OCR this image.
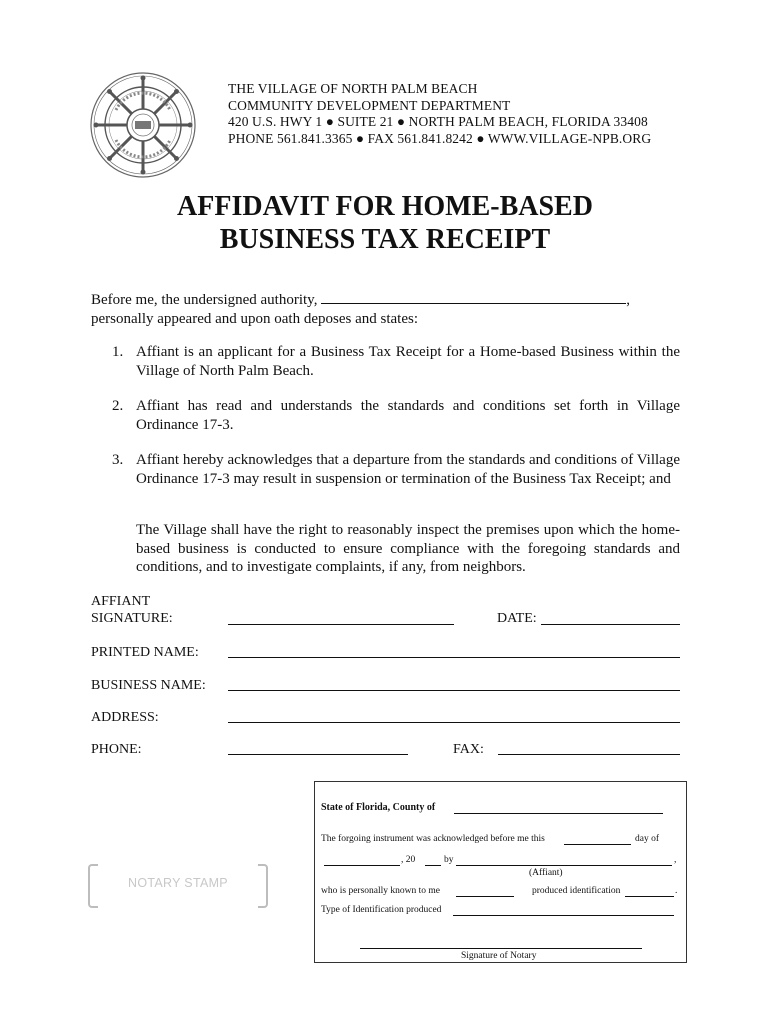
THE VILLAGE OF NORTH PALM BEACH
COMMUNITY DEVELOPMENT DEPARTMENT
420 U.S. HWY 1 ● SUITE 21 ● NORTH PALM BEACH, FLORIDA 33408
PHONE 561.841.3365 ● FAX 561.841.8242 ● WWW.VILLAGE-NPB.ORG
AFFIDAVIT FOR HOME-BASED
BUSINESS TAX RECEIPT
Before me, the undersigned authority,	,
personally appeared and upon oath deposes and states:
1. Affiant is an applicant for a Business Tax Receipt for a Home-based Business within the Village of North Palm Beach.
2. Affiant has read and understands the standards and conditions set forth in Village Ordinance 17-3.
3. Affiant hereby acknowledges that a departure from the standards and conditions of Village Ordinance 17-3 may result in suspension or termination of the Business Tax Receipt; and
The Village shall have the right to reasonably inspect the premises upon which the home-based business is conducted to ensure compliance with the foregoing standards and conditions, and to investigate complaints, if any, from neighbors.
AFFIANT
SIGNATURE:	DATE:
PRINTED NAME:
BUSINESS NAME:
ADDRESS:
PHONE:	FAX:
NOTARY STAMP
State of Florida, County of
The forgoing instrument was acknowledged before me this	day of
, 20	by	,
(Affiant)
who is personally known to me	produced identification	.
Type of Identification produced
Signature of Notary
